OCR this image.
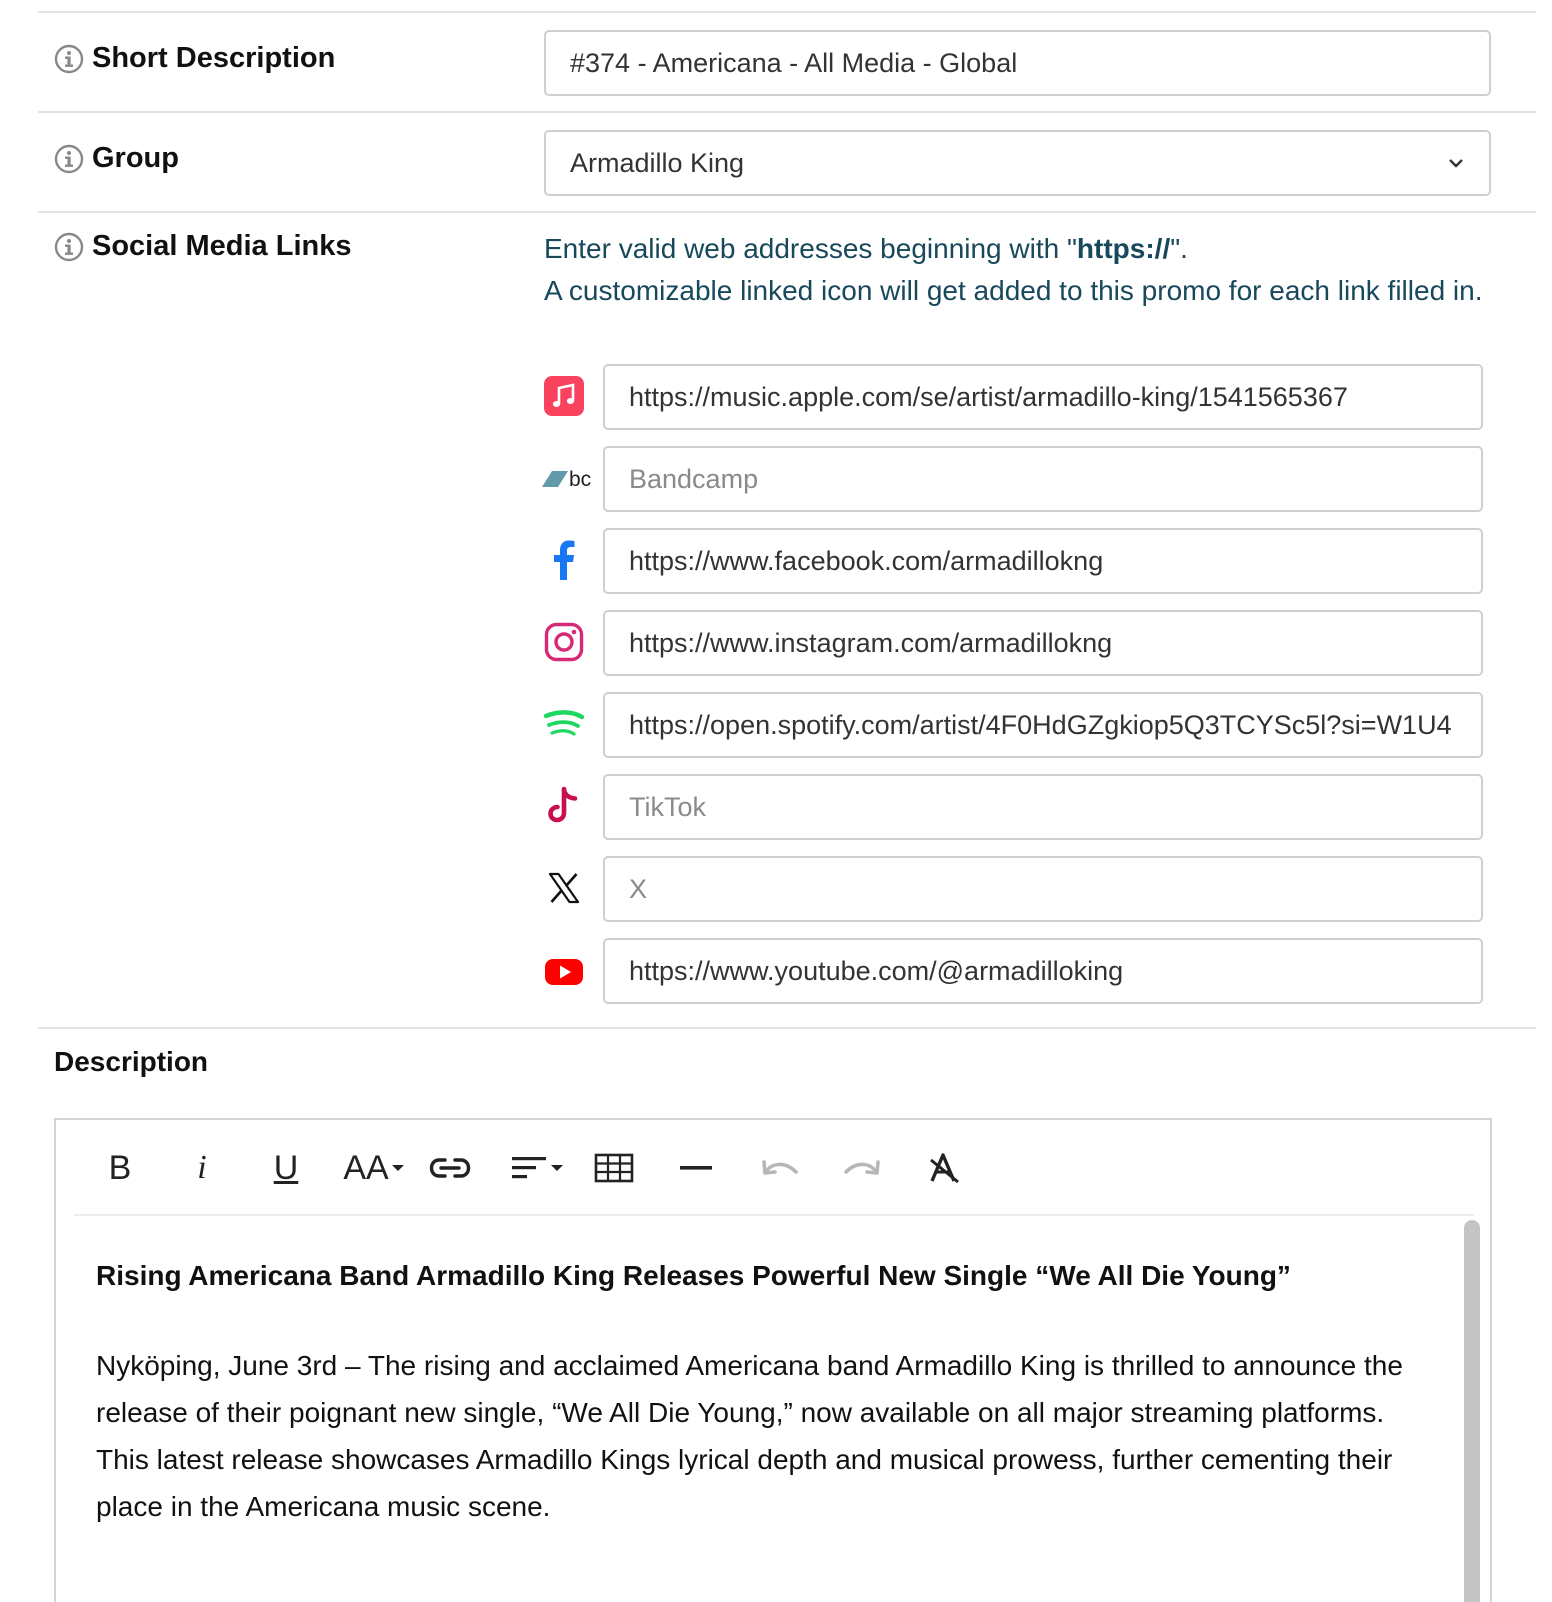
Short Description
#374 - Americana - All Media - Global
Group	Armadillo King
Social Media Links	Enter valid web addresses beginning with "https://".
A customizable linked icon will get added to this promo for each link filled in.
https://music.apple.com/se/artist/armadillo-king/1541565367
bc
Bandcamp
https://www.facebook.com/armadillokng
https://www.instagram.com/armadillokng
https://open.spotify.com/artist/4F0HdGZgkiop5Q3TCYSc5l?si=W1U4
TikTok
X
https://www.youtube.com/@armadilloking
Description
B i U AA
Rising Americana Band Armadillo King Releases Powerful New Single “We All Die Young”

Nyköping, June 3rd – The rising and acclaimed Americana band Armadillo King is thrilled to announce the release of their poignant new single, “We All Die Young,” now available on all major streaming platforms. This latest release showcases Armadillo Kings lyrical depth and musical prowess, further cementing their place in the Americana music scene.
